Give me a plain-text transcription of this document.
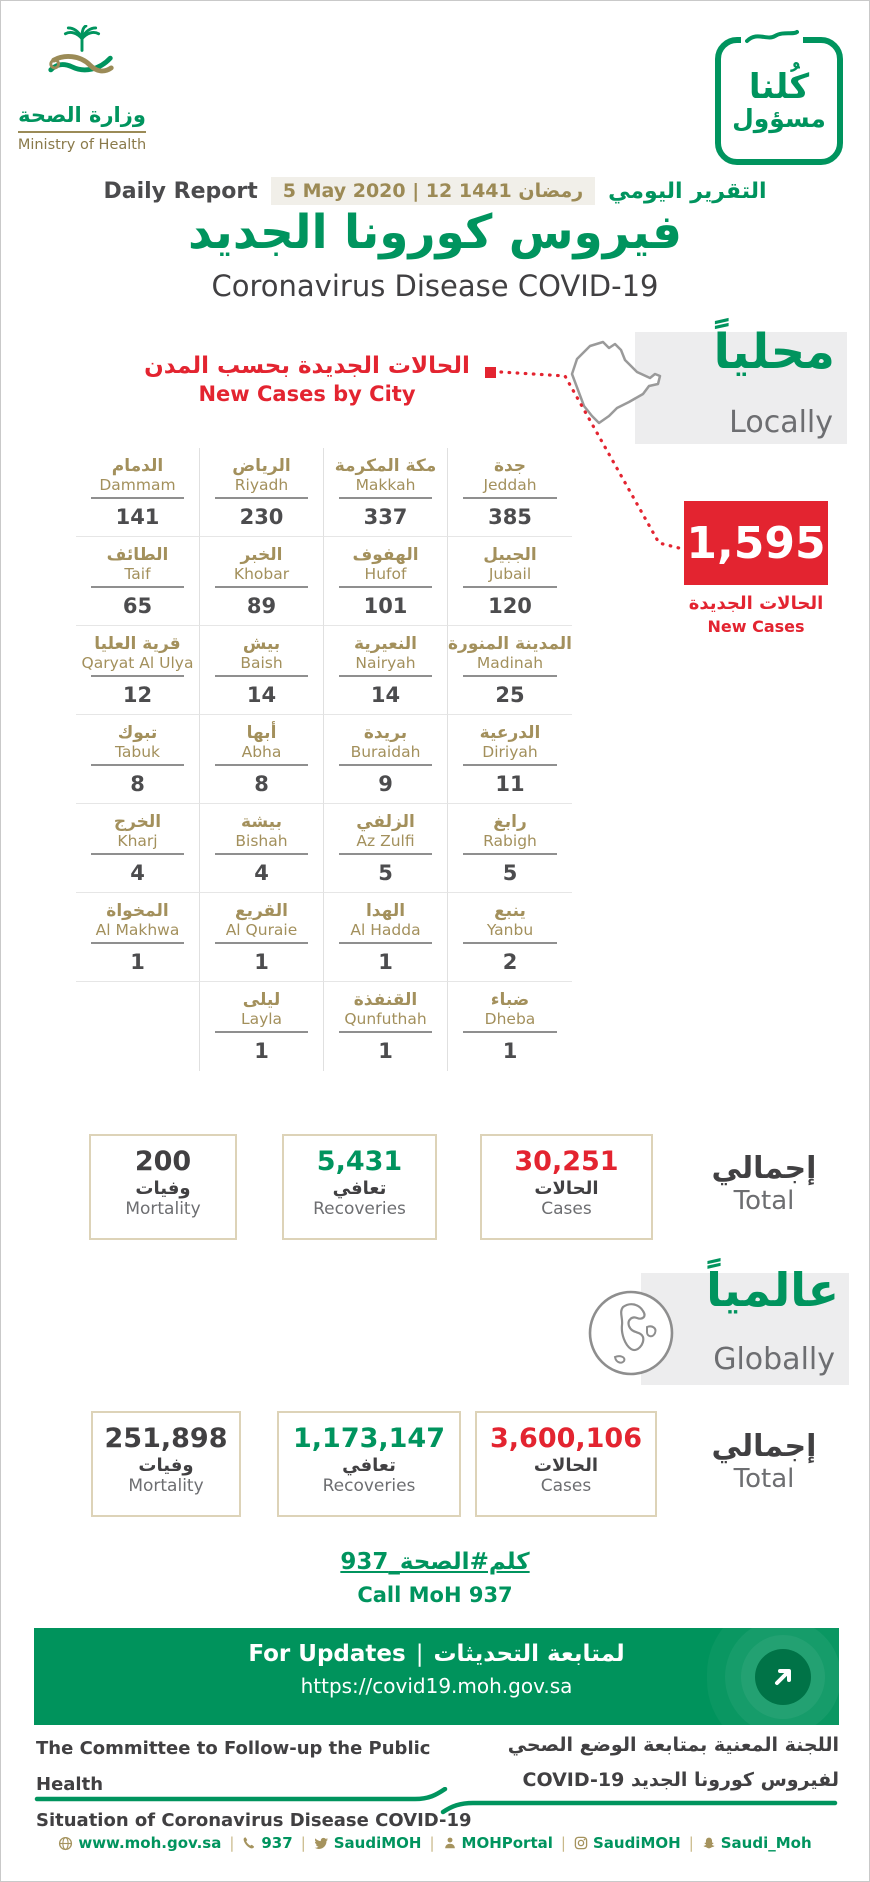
وزارة الصحة
Ministry of Health
كُلنا
مسؤول
Daily Report	5 May 2020 | 12 رمضان 1441	التقرير اليومي
فيروس كورونا الجديد
Coronavirus Disease COVID-19
محلياً
Locally
الحالات الجديدة بحسب المدن
New Cases by City
1,595
الحالات الجديدة
New Cases
الدمام
Dammam
141
الرياض
Riyadh
230
مكة المكرمة
Makkah
337
جدة
Jeddah
385
الطائف
Taif
65
الخبر
Khobar
89
الهفوف
Hufof
101
الجبيل
Jubail
120
قرية العليا
Qaryat Al Ulya
12
بيش
Baish
14
النعيرية
Nairyah
14
المدينة المنورة
Madinah
25
تبوك
Tabuk
8
أبها
Abha
8
بريدة
Buraidah
9
الدرعية
Diriyah
11
الخرج
Kharj
4
بيشة
Bishah
4
الزلفي
Az Zulfi
5
رابغ
Rabigh
5
المخواة
Al Makhwa
1
القريع
Al Quraie
1
الهدا
Al Hadda
1
ينبع
Yanbu
2
ليلى
Layla
1
القنفذة
Qunfuthah
1
ضباء
Dheba
1
200
وفيات
Mortality
5,431
تعافي
Recoveries
30,251
الحالات
Cases
إجمالي
Total
عالمياً
Globally
251,898
وفيات
Mortality
1,173,147
تعافي
Recoveries
3,600,106
الحالات
Cases
إجمالي
Total
كلم#الصحة_937
Call MoH 937
For Updates | لمتابعة التحديثات
https://covid19.moh.gov.sa
The Committee to Follow-up the Public Health
Situation of Coronavirus Disease COVID-19
اللجنة المعنية بمتابعة الوضع الصحي
لفيروس كورونا الجديد COVID-19
www.moh.gov.sa | 937 | SaudiMOH | MOHPortal | SaudiMOH | Saudi_Moh
